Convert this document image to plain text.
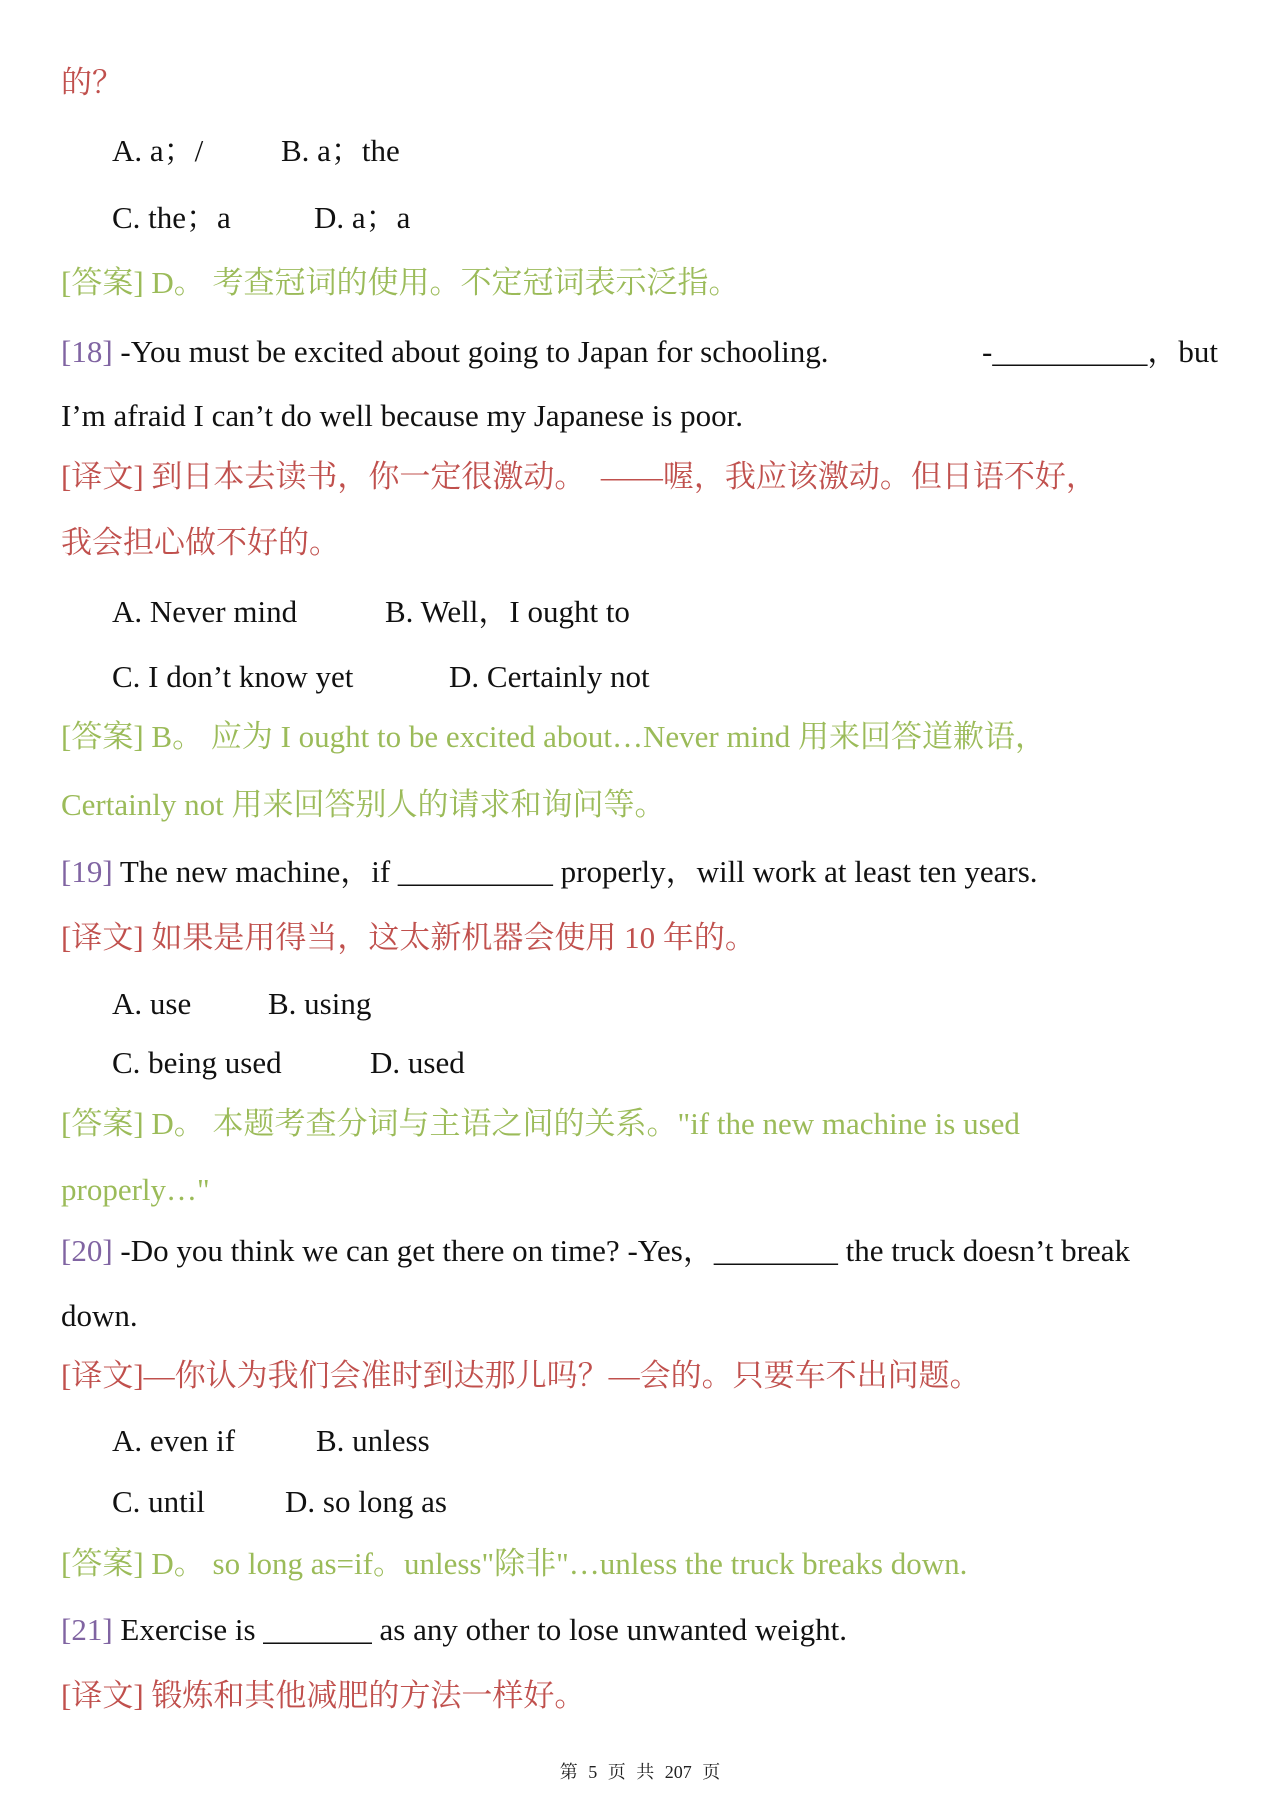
的？
A. a；/	B. a；the
C. the；a	D. a；a
[答案] D。 考查冠词的使用。不定冠词表示泛指。
[18] -You must be excited about going to Japan for schooling.	-__________，but
I’m afraid I can’t do well because my Japanese is poor.
[译文] 到日本去读书，你一定很激动。　——喔，我应该激动。但日语不好，
我会担心做不好的。
A. Never mind	B. Well，I ought to
C. I don’t know yet	D. Certainly not
[答案] B。 应为 I ought to be excited about…Never mind 用来回答道歉语，
Certainly not 用来回答别人的请求和询问等。
[19] The new machine，if __________ properly，will work at least ten years.
[译文] 如果是用得当，这太新机器会使用 10 年的。
A. use B. using
C. being used	D. used
[答案] D。 本题考查分词与主语之间的关系。"if the new machine is used
properly…"
[20] -Do you think we can get there on time? -Yes，________ the truck doesn’t break
down.
[译文]—你认为我们会准时到达那儿吗？—会的。只要车不出问题。
A. even if	B. unless
C. until	D. so long as
[答案] D。 so long as=if。unless"除非"…unless the truck breaks down.
[21] Exercise is _______ as any other to lose unwanted weight.
[译文] 锻炼和其他减肥的方法一样好。
第 5 页 共 207 页
